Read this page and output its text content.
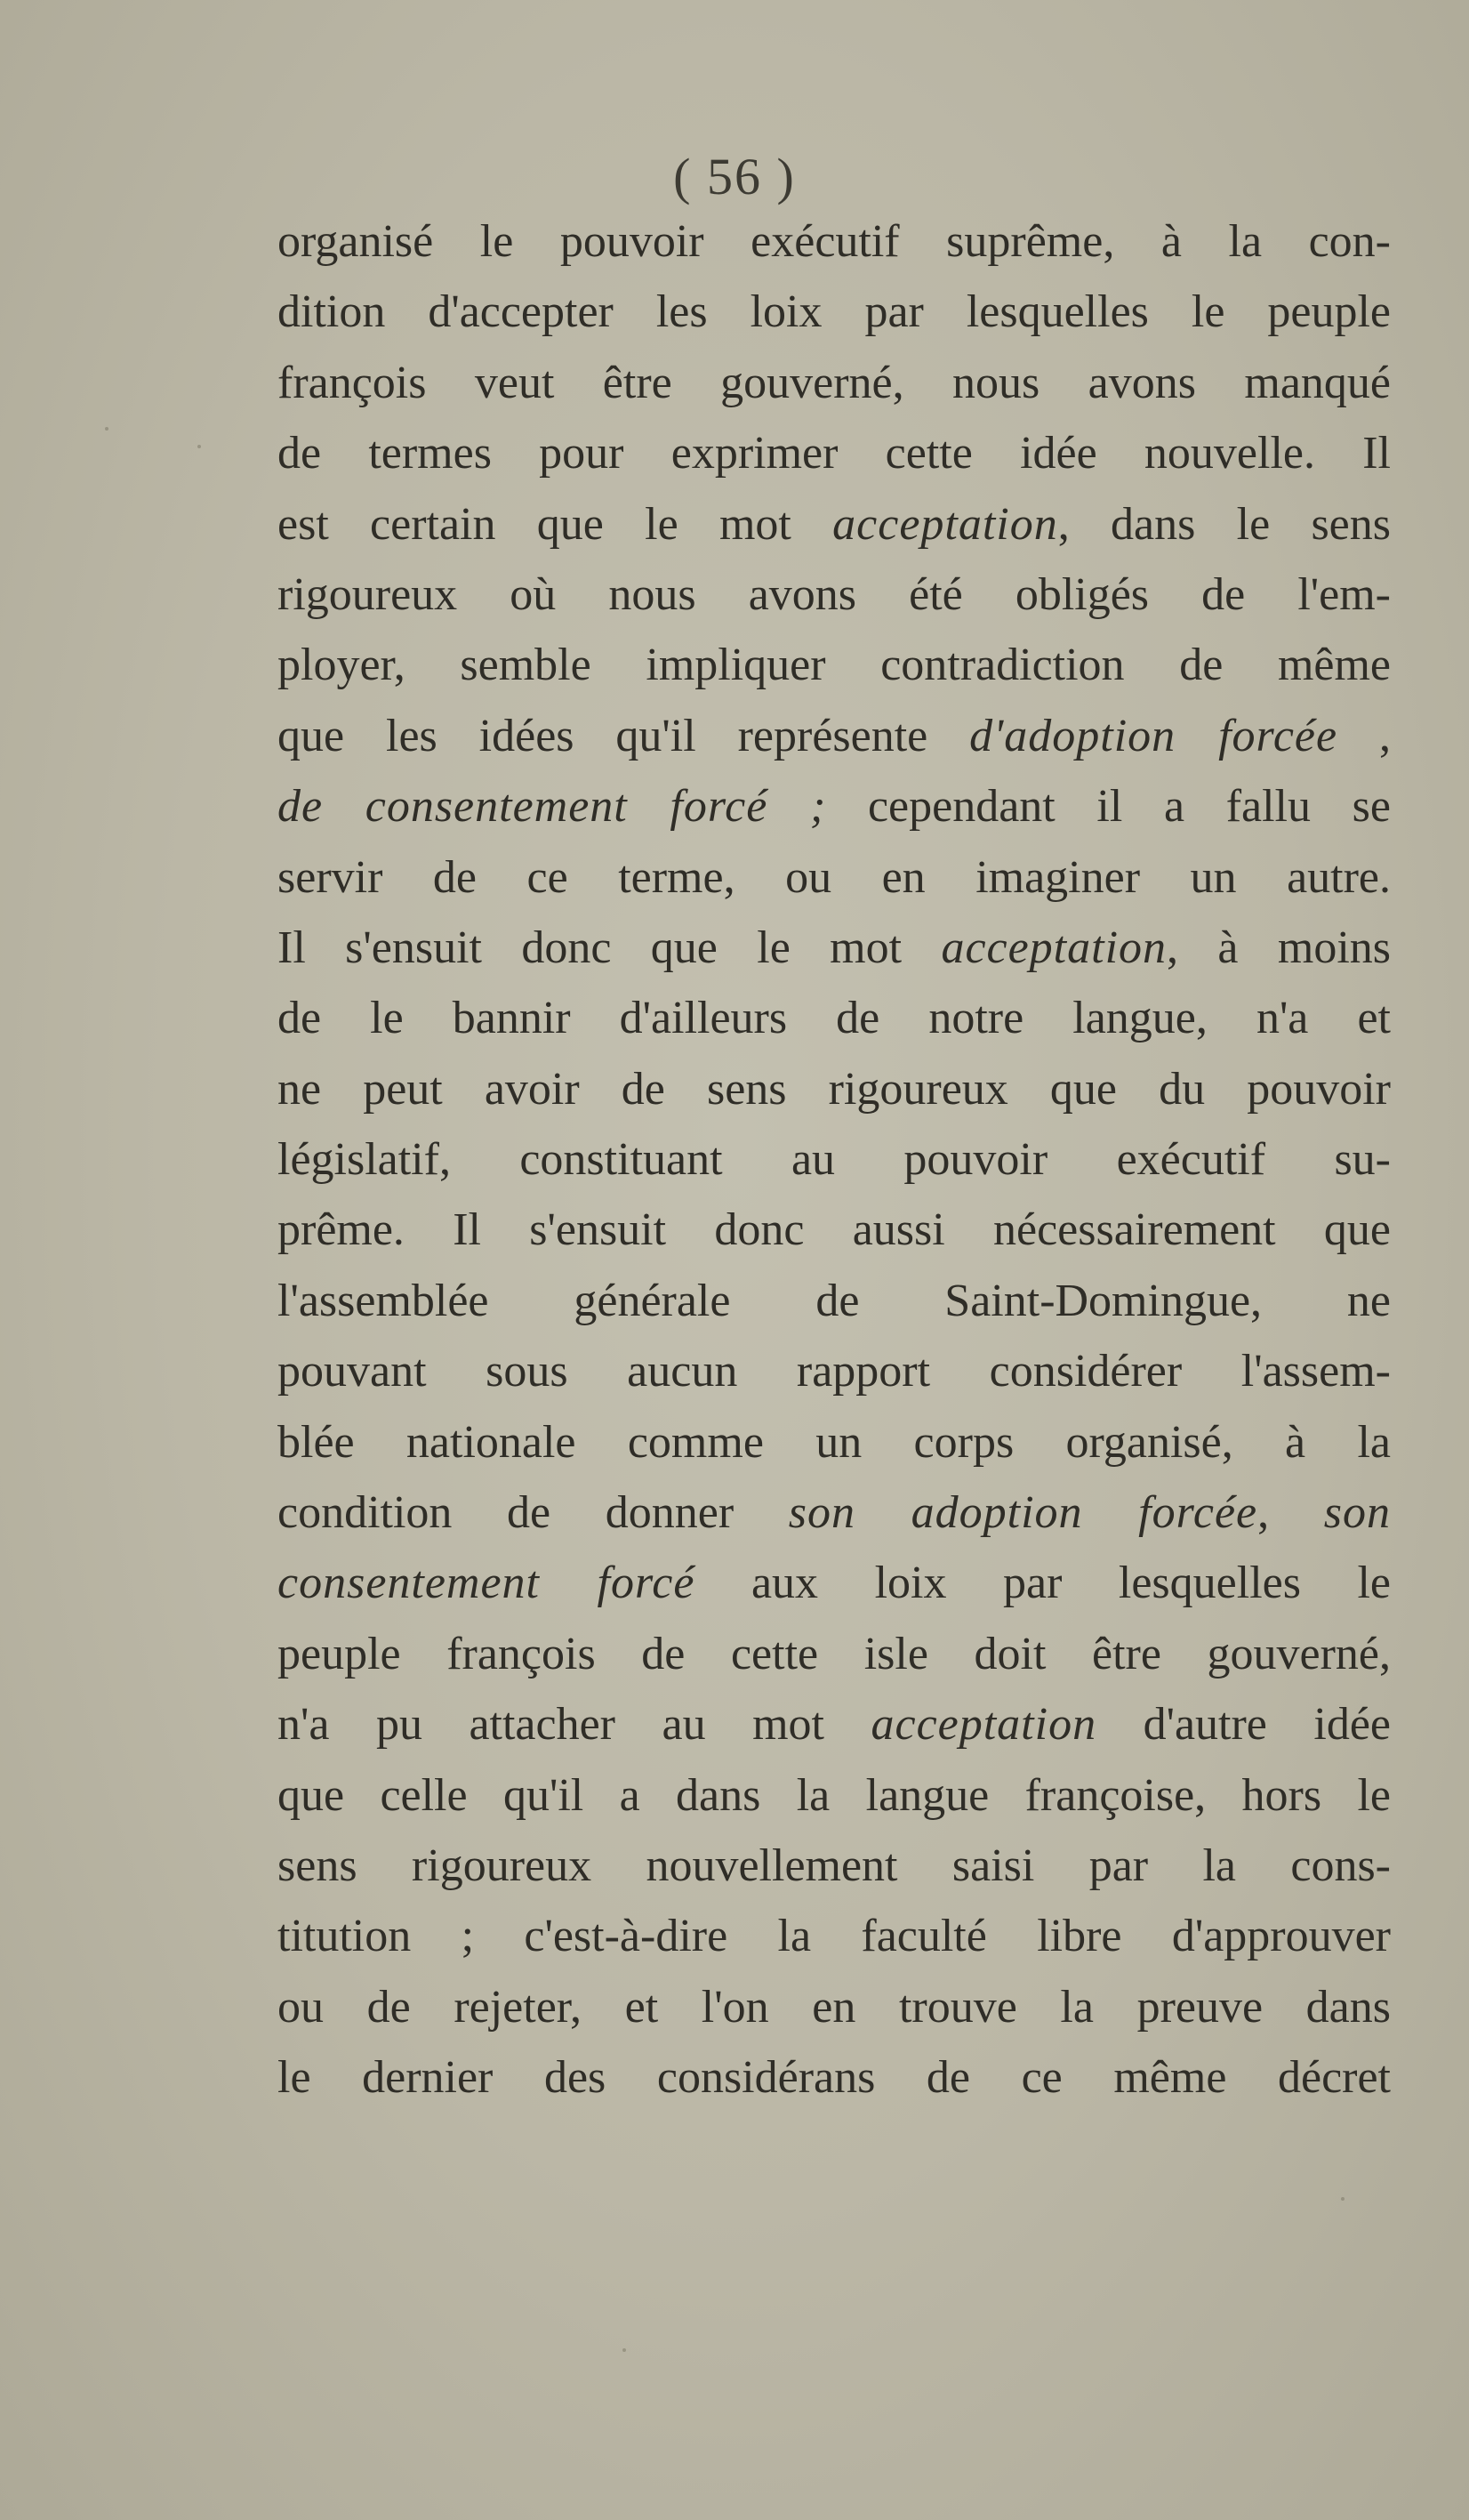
( 56 )
organisé le pouvoir exécutif suprême, à la con-
dition d'accepter les loix par lesquelles le peuple
françois veut être gouverné, nous avons manqué
de termes pour exprimer cette idée nouvelle. Il
est certain que le mot acceptation, dans le sens
rigoureux où nous avons été obligés de l'em-
ployer, semble impliquer contradiction de même
que les idées qu'il représente d'adoption forcée ,
de consentement forcé ; cependant il a fallu se
servir de ce terme, ou en imaginer un autre.
Il s'ensuit donc que le mot acceptation, à moins
de le bannir d'ailleurs de notre langue, n'a et
ne peut avoir de sens rigoureux que du pouvoir
législatif, constituant au pouvoir exécutif su-
prême. Il s'ensuit donc aussi nécessairement que
l'assemblée générale de Saint-Domingue, ne
pouvant sous aucun rapport considérer l'assem-
blée nationale comme un corps organisé, à la
condition de donner son adoption forcée, son
consentement forcé aux loix par lesquelles le
peuple françois de cette isle doit être gouverné,
n'a pu attacher au mot acceptation d'autre idée
que celle qu'il a dans la langue françoise, hors le
sens rigoureux nouvellement saisi par la cons-
titution ; c'est-à-dire la faculté libre d'approuver
ou de rejeter, et l'on en trouve la preuve dans
le dernier des considérans de ce même décret
